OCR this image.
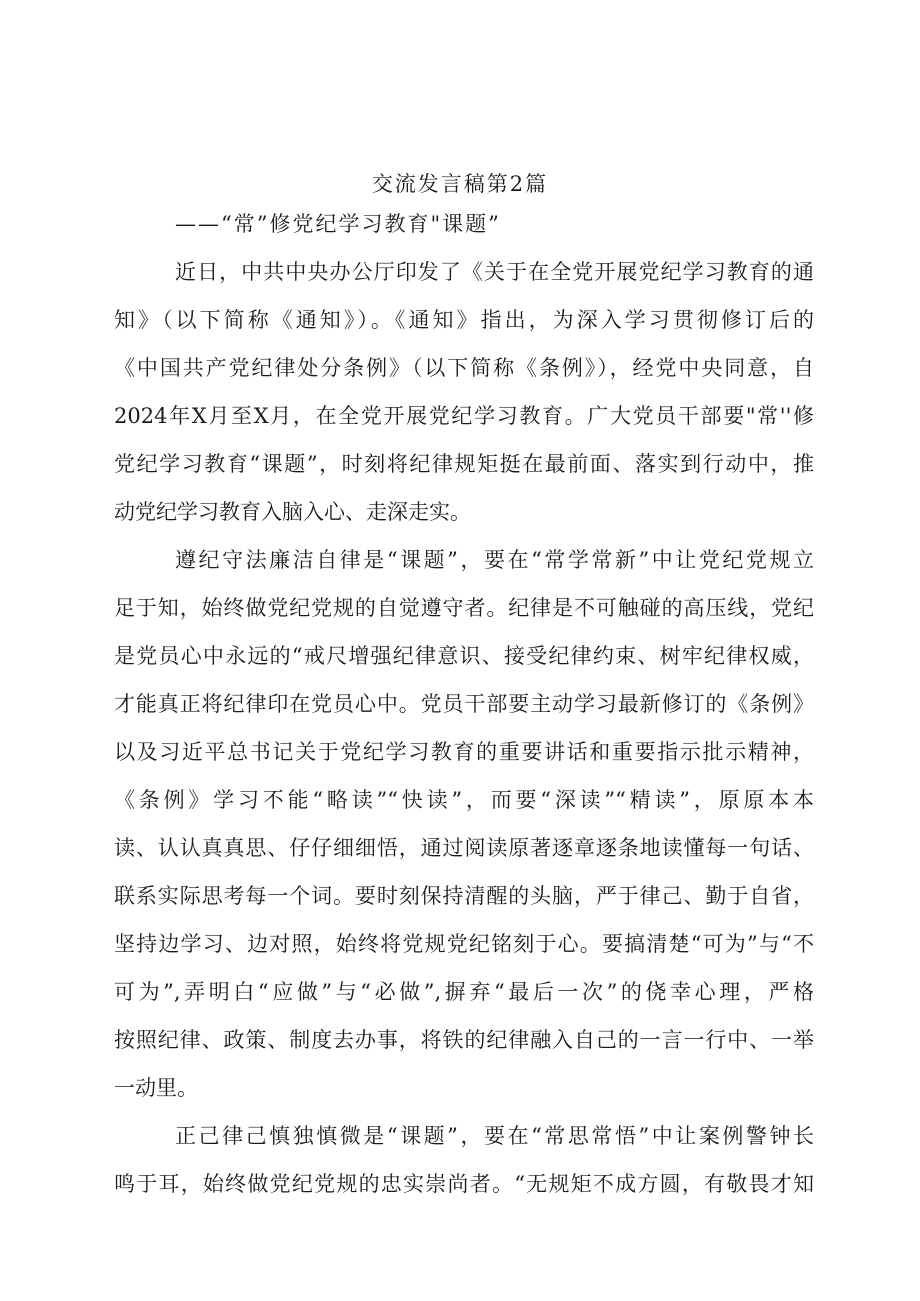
交流发言稿第2篇
——“常”修党纪学习教育"课题”
近日，中共中央办公厅印发了《关于在全党开展党纪学习教育的通
知》（以下简称《通知》）。《通知》指出，为深入学习贯彻修订后的
《中国共产党纪律处分条例》（以下简称《条例》），经党中央同意，自
2024年X月至X月，在全党开展党纪学习教育。广大党员干部要"常''修
党纪学习教育“课题”，时刻将纪律规矩挺在最前面、落实到行动中，推
动党纪学习教育入脑入心、走深走实。
遵纪守法廉洁自律是“课题”，要在“常学常新”中让党纪党规立
足于知，始终做党纪党规的自觉遵守者。纪律是不可触碰的高压线，党纪
是党员心中永远的“戒尺增强纪律意识、接受纪律约束、树牢纪律权威，
才能真正将纪律印在党员心中。党员干部要主动学习最新修订的《条例》
以及习近平总书记关于党纪学习教育的重要讲话和重要指示批示精神，
《条例》学习不能“略读”“快读”，而要“深读”“精读”，原原本本
读、认认真真思、仔仔细细悟，通过阅读原著逐章逐条地读懂每一句话、
联系实际思考每一个词。要时刻保持清醒的头脑，严于律己、勤于自省，
坚持边学习、边对照，始终将党规党纪铭刻于心。要搞清楚“可为”与“不
可为”,弄明白“应做”与“必做”,摒弃“最后一次”的侥幸心理，严格
按照纪律、政策、制度去办事，将铁的纪律融入自己的一言一行中、一举
一动里。
正己律己慎独慎微是“课题”，要在“常思常悟”中让案例警钟长
鸣于耳，始终做党纪党规的忠实崇尚者。“无规矩不成方圆，有敬畏才知
